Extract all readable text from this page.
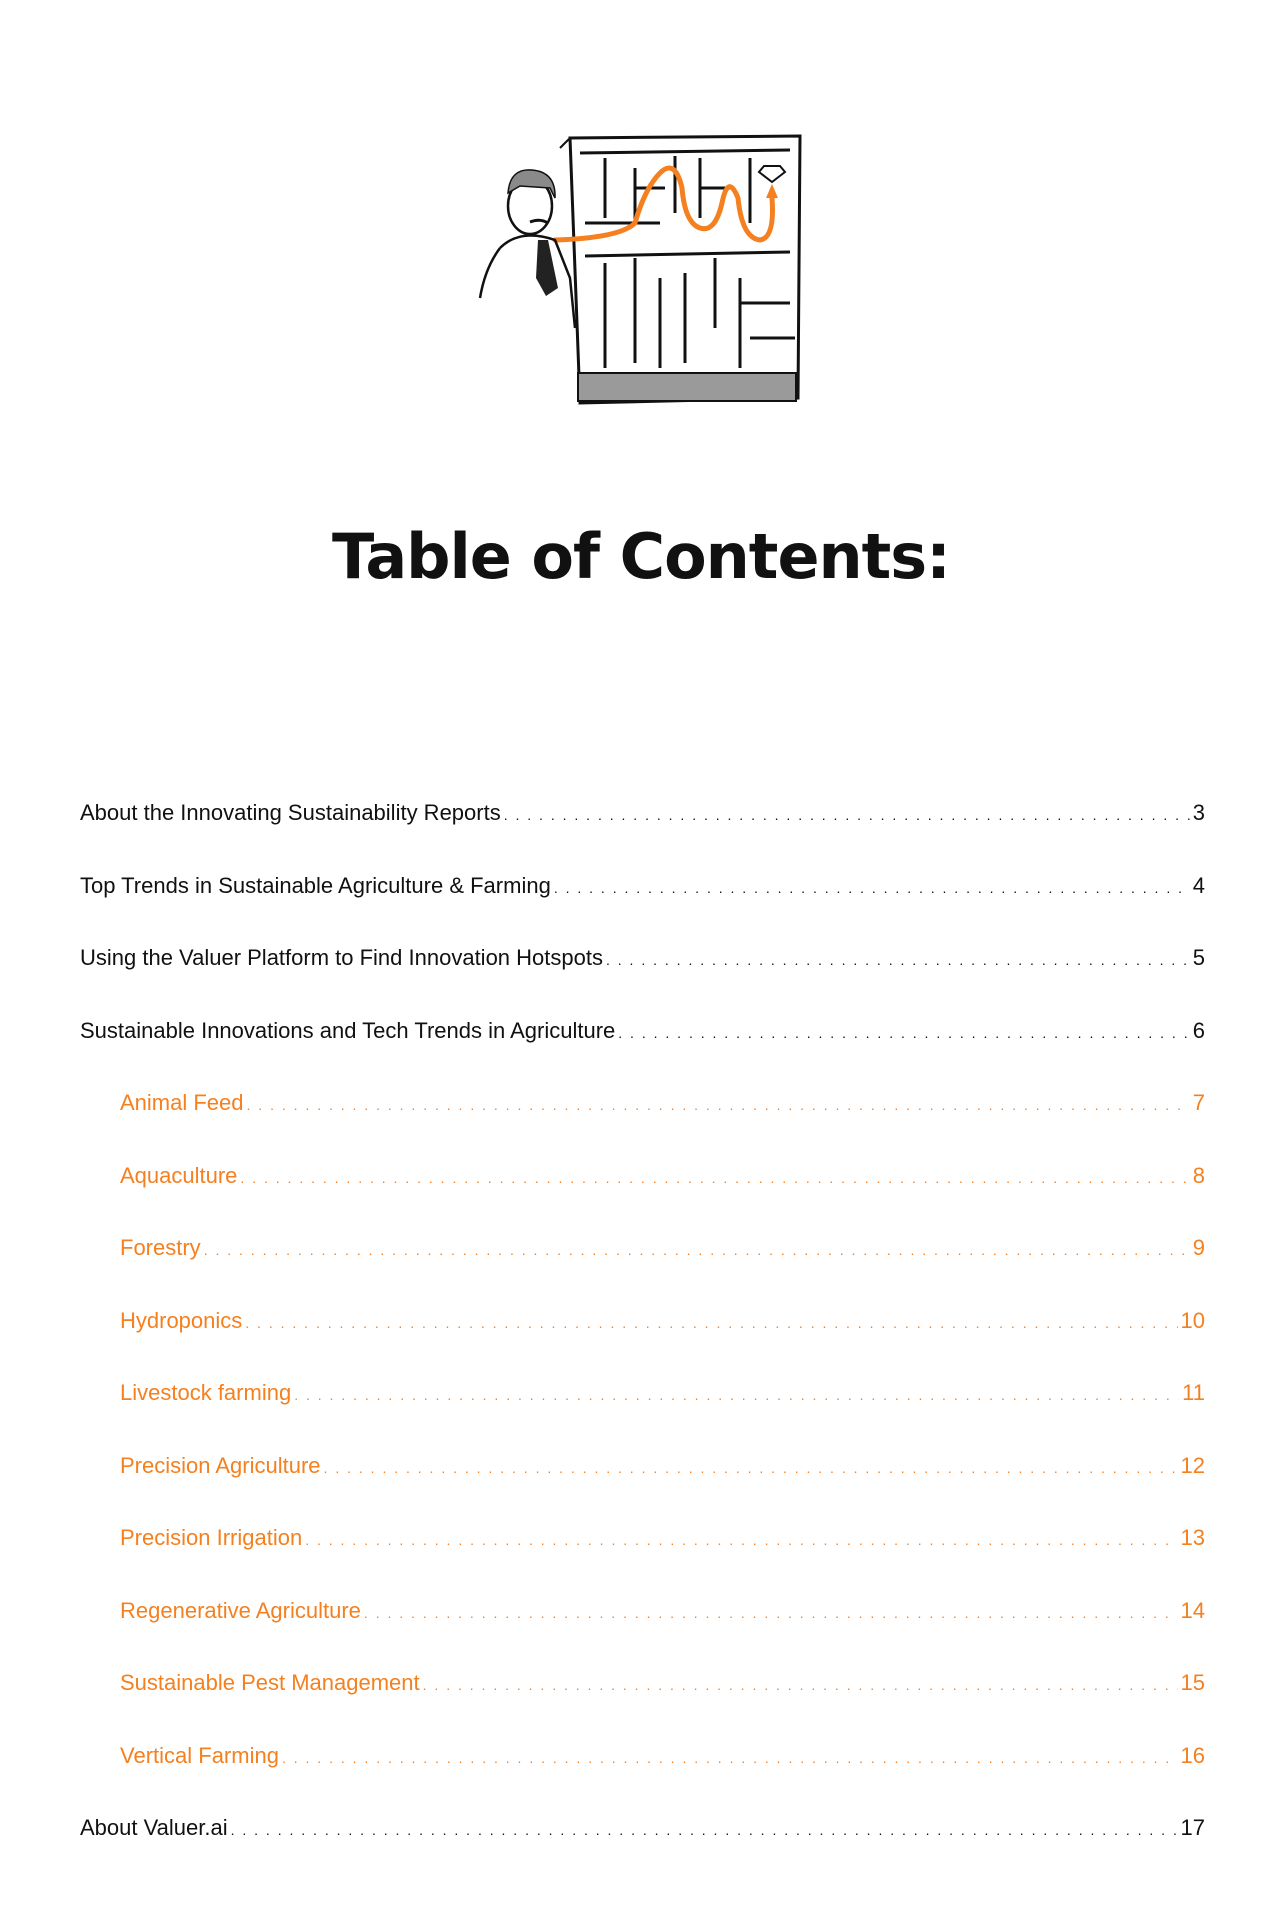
Table of Contents:
About the Innovating Sustainability Reports . . .	3
Top Trends in Sustainable Agriculture & Farming . . .	4
Using the Valuer Platform to Find Innovation Hotspots . . .	5
Sustainable Innovations and Tech Trends in Agriculture . . .	6
Animal Feed . . .	7
Aquaculture . . .	8
Forestry . . .	9
Hydroponics . . .	10
Livestock farming . . .	11
Precision Agriculture . . .	12
Precision Irrigation . . .	13
Regenerative Agriculture . . .	14
Sustainable Pest Management . . .	15
Vertical Farming . . .	16
About Valuer.ai . . .	17
